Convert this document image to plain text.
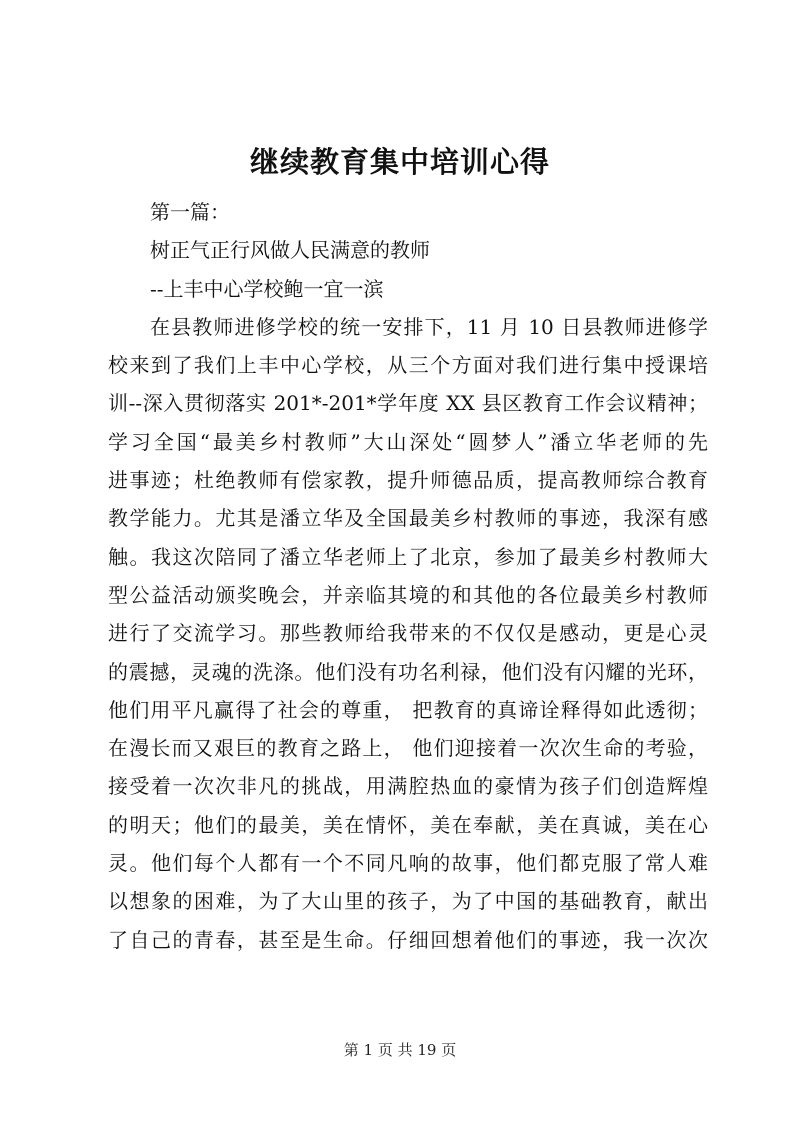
继续教育集中培训心得

第一篇：

树正气正行风做人民满意的教师

--上丰中心学校鲍一宜一滨

在县教师进修学校的统一安排下，11 月 10 日县教师进修学

校来到了我们上丰中心学校，从三个方面对我们进行集中授课培

训--深入贯彻落实 201*-201*学年度 XX 县区教育工作会议精神；

学习全国“最美乡村教师”大山深处“圆梦人”潘立华老师的先

进事迹；杜绝教师有偿家教，提升师德品质，提高教师综合教育

教学能力。尤其是潘立华及全国最美乡村教师的事迹，我深有感

触。我这次陪同了潘立华老师上了北京，参加了最美乡村教师大

型公益活动颁奖晚会，并亲临其境的和其他的各位最美乡村教师

进行了交流学习。那些教师给我带来的不仅仅是感动，更是心灵

的震撼，灵魂的洗涤。他们没有功名利禄，他们没有闪耀的光环，

他们用平凡赢得了社会的尊重， 把教育的真谛诠释得如此透彻；

在漫长而又艰巨的教育之路上， 他们迎接着一次次生命的考验，

接受着一次次非凡的挑战，用满腔热血的豪情为孩子们创造辉煌

的明天；他们的最美，美在情怀，美在奉献，美在真诚，美在心

灵。他们每个人都有一个不同凡响的故事，他们都克服了常人难

以想象的困难，为了大山里的孩子，为了中国的基础教育，献出

了自己的青春，甚至是生命。仔细回想着他们的事迹，我一次次

第 1 页 共 19 页
